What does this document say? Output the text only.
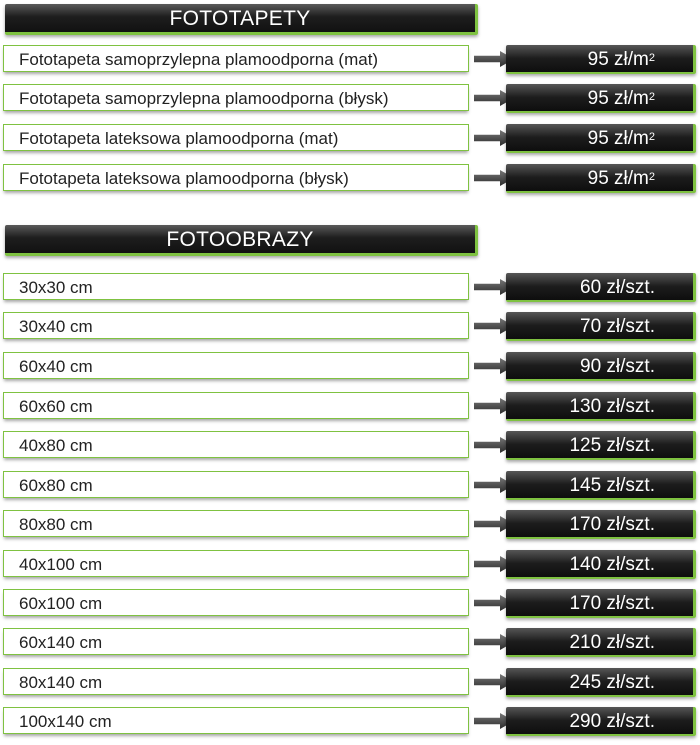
FOTOTAPETY
Fototapeta samoprzylepna plamoodporna (mat)	95 $zł/m^2$
Fototapeta samoprzylepna plamoodporna (błysk)	95 $zł/m^2$
Fototapeta lateksowa plamoodporna (mat)	95 $zł/m^2$
Fototapeta lateksowa plamoodporna (błysk)	95 $zł/m^2$
FOTOOBRAZY
30x30 cm	60 zł/szt.
30x40 cm	70 zł/szt.
60x40 cm	90 zł/szt.
60x60 cm	130 zł/szt.
40x80 cm	125 zł/szt.
60x80 cm	145 zł/szt.
80x80 cm	170 zł/szt.
40x100 cm	140 zł/szt.
60x100 cm	170 zł/szt.
60x140 cm	210 zł/szt.
80x140 cm	245 zł/szt.
100x140 cm	290 zł/szt.
